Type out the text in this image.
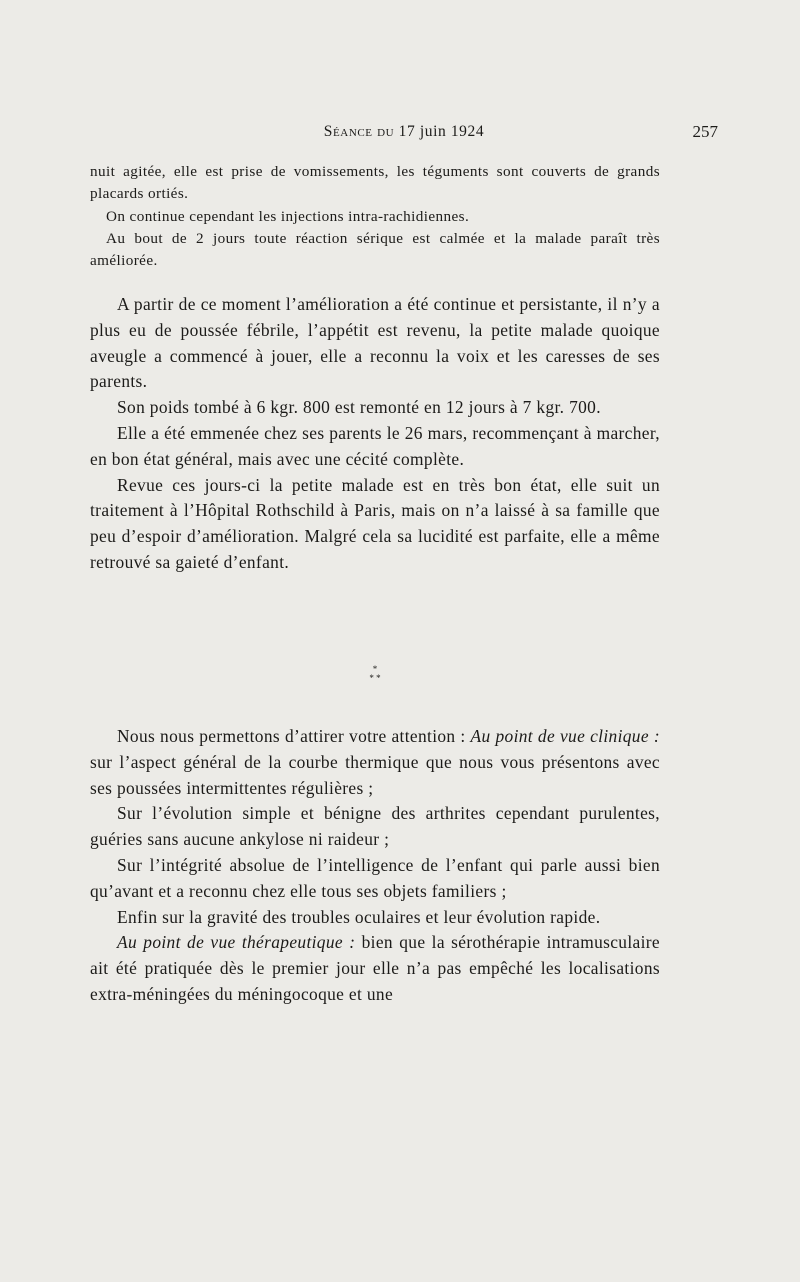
Séance du 17 juin 1924	257

nuit agitée, elle est prise de vomissements, les téguments sont couverts de grands placards ortiés.

On continue cependant les injections intra-rachidiennes.

Au bout de 2 jours toute réaction sérique est calmée et la malade paraît très améliorée.

A partir de ce moment l’amélioration a été continue et persistante, il n’y a plus eu de poussée fébrile, l’appétit est revenu, la petite malade quoique aveugle a commencé à jouer, elle a reconnu la voix et les caresses de ses parents.

Son poids tombé à 6 kgr. 800 est remonté en 12 jours à 7 kgr. 700.

Elle a été emmenée chez ses parents le 26 mars, recommençant à marcher, en bon état général, mais avec une cécité complète.

Revue ces jours-ci la petite malade est en très bon état, elle suit un traitement à l’Hôpital Rothschild à Paris, mais on n’a laissé à sa famille que peu d’espoir d’amélioration. Malgré cela sa lucidité est parfaite, elle a même retrouvé sa gaieté d’enfant.

*
* *

Nous nous permettons d’attirer votre attention : Au point de vue clinique : sur l’aspect général de la courbe thermique que nous vous présentons avec ses poussées intermittentes régulières ;

Sur l’évolution simple et bénigne des arthrites cependant purulentes, guéries sans aucune ankylose ni raideur ;

Sur l’intégrité absolue de l’intelligence de l’enfant qui parle aussi bien qu’avant et a reconnu chez elle tous ses objets familiers ;

Enfin sur la gravité des troubles oculaires et leur évolution rapide.

Au point de vue thérapeutique : bien que la sérothérapie intramusculaire ait été pratiquée dès le premier jour elle n’a pas empêché les localisations extra-méningées du méningocoque et une
